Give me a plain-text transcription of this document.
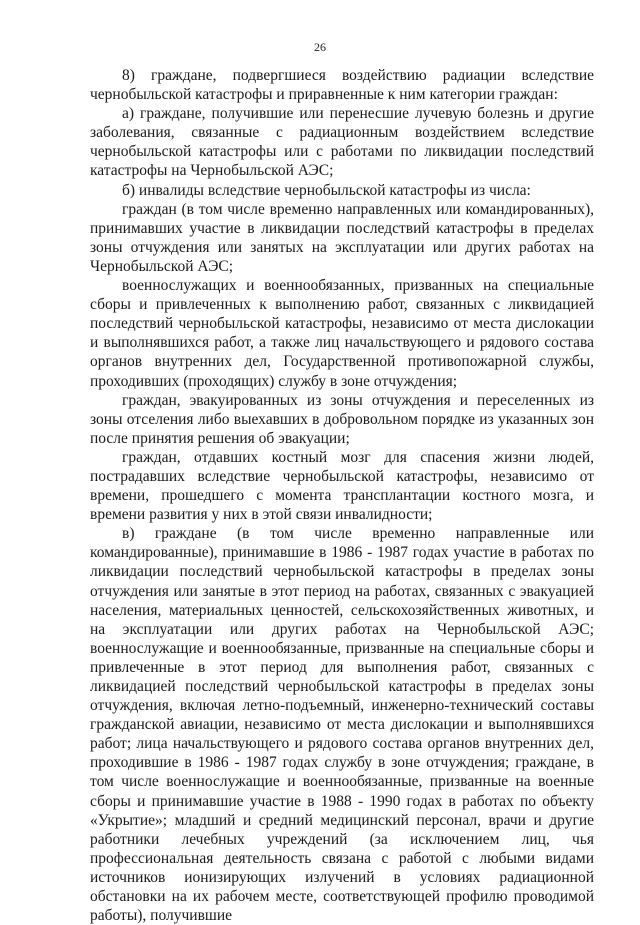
26

8) граждане, подвергшиеся воздействию радиации вследствие чернобыльской катастрофы и приравненные к ним категории граждан:

а) граждане, получившие или перенесшие лучевую болезнь и другие заболевания, связанные с радиационным воздействием вследствие чернобыльской катастрофы или с работами по ликвидации последствий катастрофы на Чернобыльской АЭС;

б) инвалиды вследствие чернобыльской катастрофы из числа:

граждан (в том числе временно направленных или командированных), принимавших участие в ликвидации последствий катастрофы в пределах зоны отчуждения или занятых на эксплуатации или других работах на Чернобыльской АЭС;

военнослужащих и военнообязанных, призванных на специальные сборы и привлеченных к выполнению работ, связанных с ликвидацией последствий чернобыльской катастрофы, независимо от места дислокации и выполнявшихся работ, а также лиц начальствующего и рядового состава органов внутренних дел, Государственной противопожарной службы, проходивших (проходящих) службу в зоне отчуждения;

граждан, эвакуированных из зоны отчуждения и переселенных из зоны отселения либо выехавших в добровольном порядке из указанных зон после принятия решения об эвакуации;

граждан, отдавших костный мозг для спасения жизни людей, пострадавших вследствие чернобыльской катастрофы, независимо от времени, прошедшего с момента трансплантации костного мозга, и времени развития у них в этой связи инвалидности;

в) граждане (в том числе временно направленные или командированные), принимавшие в 1986 - 1987 годах участие в работах по ликвидации последствий чернобыльской катастрофы в пределах зоны отчуждения или занятые в этот период на работах, связанных с эвакуацией населения, материальных ценностей, сельскохозяйственных животных, и на эксплуатации или других работах на Чернобыльской АЭС; военнослужащие и военнообязанные, призванные на специальные сборы и привлеченные в этот период для выполнения работ, связанных с ликвидацией последствий чернобыльской катастрофы в пределах зоны отчуждения, включая летно-подъемный, инженерно-технический составы гражданской авиации, независимо от места дислокации и выполнявшихся работ; лица начальствующего и рядового состава органов внутренних дел, проходившие в 1986 - 1987 годах службу в зоне отчуждения; граждане, в том числе военнослужащие и военнообязанные, призванные на военные сборы и принимавшие участие в 1988 - 1990 годах в работах по объекту «Укрытие»; младший и средний медицинский персонал, врачи и другие работники лечебных учреждений (за исключением лиц, чья профессиональная деятельность связана с работой с любыми видами источников ионизирующих излучений в условиях радиационной обстановки на их рабочем месте, соответствующей профилю проводимой работы), получившие
